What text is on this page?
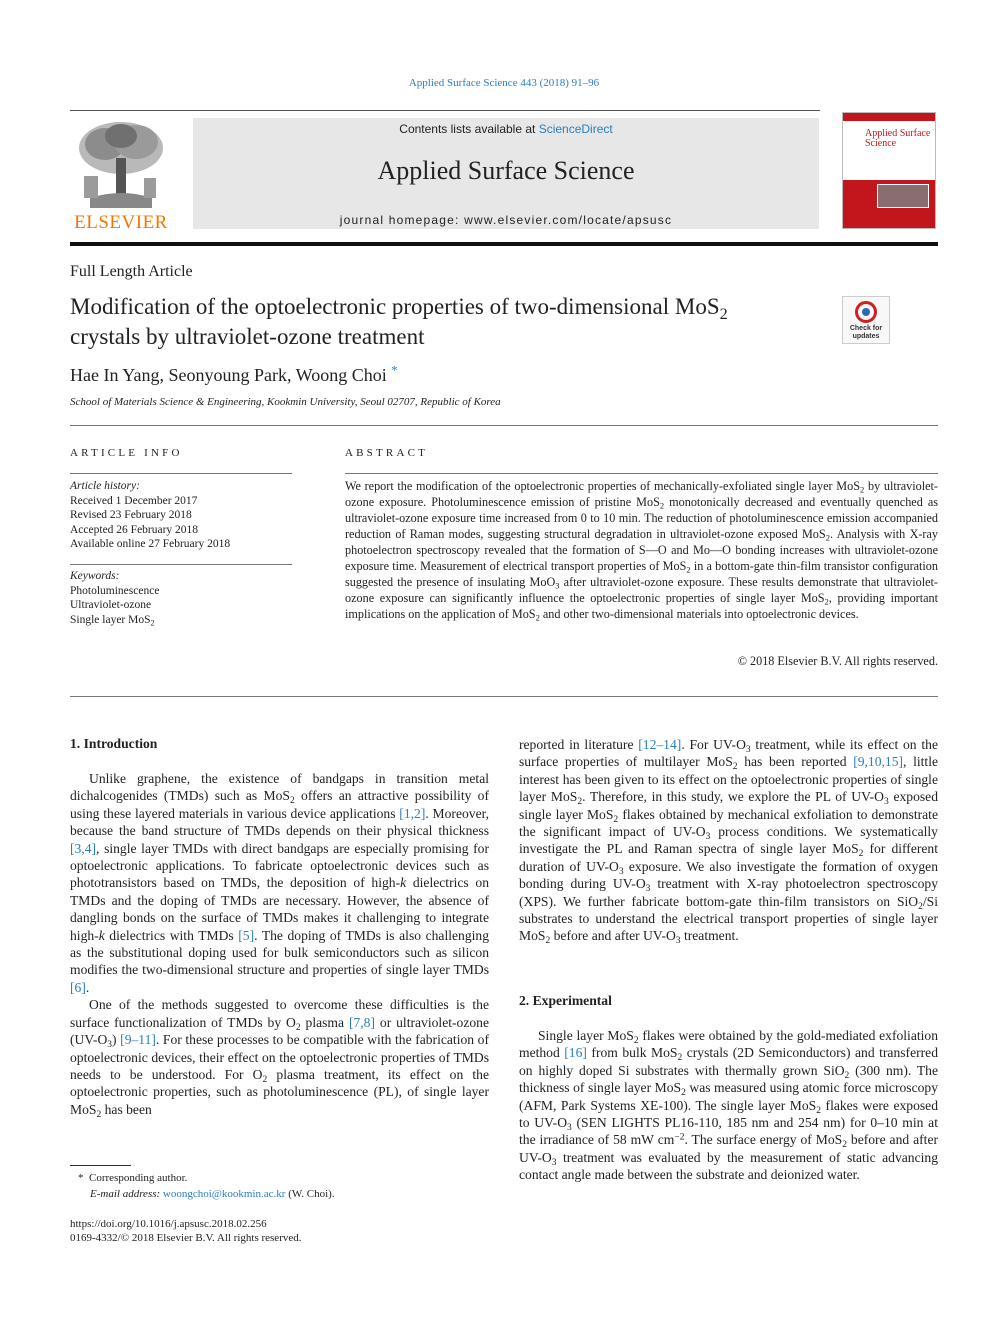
Applied Surface Science 443 (2018) 91–96
ELSEVIER
Contents lists available at ScienceDirect
Applied Surface Science
journal homepage: www.elsevier.com/locate/apsusc
Applied Surface Science
Full Length Article
Modification of the optoelectronic properties of two-dimensional MoS$_2$
crystals by ultraviolet-ozone treatment	Check for updates
Hae In Yang, Seonyoung Park, Woong Choi *
School of Materials Science & Engineering, Kookmin University, Seoul 02707, Republic of Korea
ARTICLE INFO
Article history:
Received 1 December 2017
Revised 23 February 2018
Accepted 26 February 2018
Available online 27 February 2018
Keywords:
Photoluminescence
Ultraviolet-ozone
Single layer MoS$_2$
ABSTRACT
We report the modification of the optoelectronic properties of mechanically-exfoliated single layer MoS$_2$ by ultraviolet-ozone exposure. Photoluminescence emission of pristine MoS$_2$ monotonically decreased and eventually quenched as ultraviolet-ozone exposure time increased from 0 to 10 min. The reduction of photoluminescence emission accompanied reduction of Raman modes, suggesting structural degradation in ultraviolet-ozone exposed MoS$_2$. Analysis with X-ray photoelectron spectroscopy revealed that the formation of S—O and Mo—O bonding increases with ultraviolet-ozone exposure time. Measurement of electrical transport properties of MoS$_2$ in a bottom-gate thin-film transistor configuration suggested the presence of insulating MoO$_3$ after ultraviolet-ozone exposure. These results demonstrate that ultraviolet-ozone exposure can significantly influence the optoelectronic properties of single layer MoS$_2$, providing important implications on the application of MoS$_2$ and other two-dimensional materials into optoelectronic devices.
© 2018 Elsevier B.V. All rights reserved.
1. Introduction

Unlike graphene, the existence of bandgaps in transition metal dichalcogenides (TMDs) such as MoS$_2$ offers an attractive possibility of using these layered materials in various device applications [1,2]. Moreover, because the band structure of TMDs depends on their physical thickness [3,4], single layer TMDs with direct bandgaps are especially promising for optoelectronic applications. To fabricate optoelectronic devices such as phototransistors based on TMDs, the deposition of high-k dielectrics on TMDs and the doping of TMDs are necessary. However, the absence of dangling bonds on the surface of TMDs makes it challenging to integrate high-k dielectrics with TMDs [5]. The doping of TMDs is also challenging as the substitutional doping used for bulk semiconductors such as silicon modifies the two-dimensional structure and properties of single layer TMDs [6].

One of the methods suggested to overcome these difficulties is the surface functionalization of TMDs by $O_2$ plasma [7,8] or ultraviolet-ozone $(UV-O_3)$ [9–11]. For these processes to be compatible with the fabrication of optoelectronic devices, their effect on the optoelectronic properties of TMDs needs to be understood. For $O_2$ plasma treatment, its effect on the optoelectronic properties, such as photoluminescence (PL), of single layer MoS$_2$ has been

* Corresponding author.
E-mail address: woongchoi@kookmin.ac.kr (W. Choi).
https://doi.org/10.1016/j.apsusc.2018.02.256
0169-4332/© 2018 Elsevier B.V. All rights reserved.

reported in literature [12–14]. For $UV-O_3$ treatment, while its effect on the surface properties of multilayer MoS$_2$ has been reported [9,10,15], little interest has been given to its effect on the optoelectronic properties of single layer MoS$_2$. Therefore, in this study, we explore the PL of $UV-O_3$ exposed single layer MoS$_2$ flakes obtained by mechanical exfoliation to demonstrate the significant impact of $UV-O_3$ process conditions. We systematically investigate the PL and Raman spectra of single layer MoS$_2$ for different duration of $UV-O_3$ exposure. We also investigate the formation of oxygen bonding during $UV-O_3$ treatment with X-ray photoelectron spectroscopy (XPS). We further fabricate bottom-gate thin-film transistors on SiO$_2$/Si substrates to understand the electrical transport properties of single layer MoS$_2$ before and after $UV-O_3$ treatment.

2. Experimental

Single layer MoS$_2$ flakes were obtained by the gold-mediated exfoliation method [16] from bulk MoS$_2$ crystals (2D Semiconductors) and transferred on highly doped Si substrates with thermally grown SiO$_2$ (300 nm). The thickness of single layer MoS$_2$ was measured using atomic force microscopy (AFM, Park Systems XE-100). The single layer MoS$_2$ flakes were exposed to $UV-O_3$ (SEN LIGHTS PL16-110, 185 nm and 254 nm) for 0–10 min at the irradiance of 58 mW $cm^{-2}$. The surface energy of MoS$_2$ before and after $UV-O_3$ treatment was evaluated by the measurement of static advancing contact angle made between the substrate and deionized water.
